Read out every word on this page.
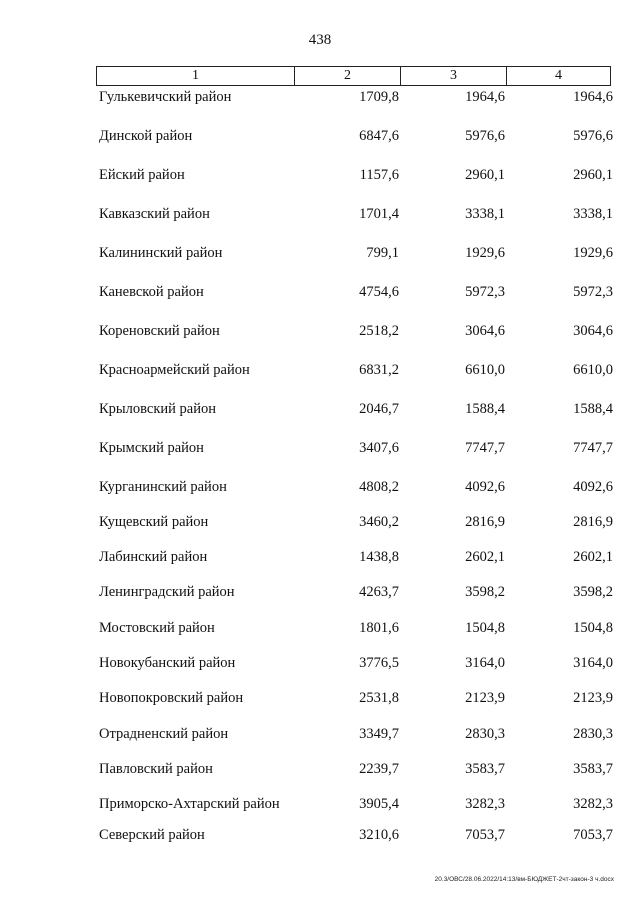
438
1	2	3	4
Гулькевичский район	1709,8	1964,6	1964,6
Динской район	6847,6	5976,6	5976,6
Ейский район	1157,6	2960,1	2960,1
Кавказский район	1701,4	3338,1	3338,1
Калининский район	799,1	1929,6	1929,6
Каневской район	4754,6	5972,3	5972,3
Кореновский район	2518,2	3064,6	3064,6
Красноармейский район	6831,2	6610,0	6610,0
Крыловский район	2046,7	1588,4	1588,4
Крымский район	3407,6	7747,7	7747,7
Курганинский район	4808,2	4092,6	4092,6
Кущевский район	3460,2	2816,9	2816,9
Лабинский район	1438,8	2602,1	2602,1
Ленинградский район	4263,7	3598,2	3598,2
Мостовский район	1801,6	1504,8	1504,8
Новокубанский район	3776,5	3164,0	3164,0
Новопокровский район	2531,8	2123,9	2123,9
Отрадненский район	3349,7	2830,3	2830,3
Павловский район	2239,7	3583,7	3583,7
Приморско-Ахтарский район	3905,4	3282,3	3282,3
Северский район	3210,6	7053,7	7053,7
20.3/ОВС/28.06.2022/14:13/вм-БЮДЖЕТ-2чт-закон-3 ч.docx
